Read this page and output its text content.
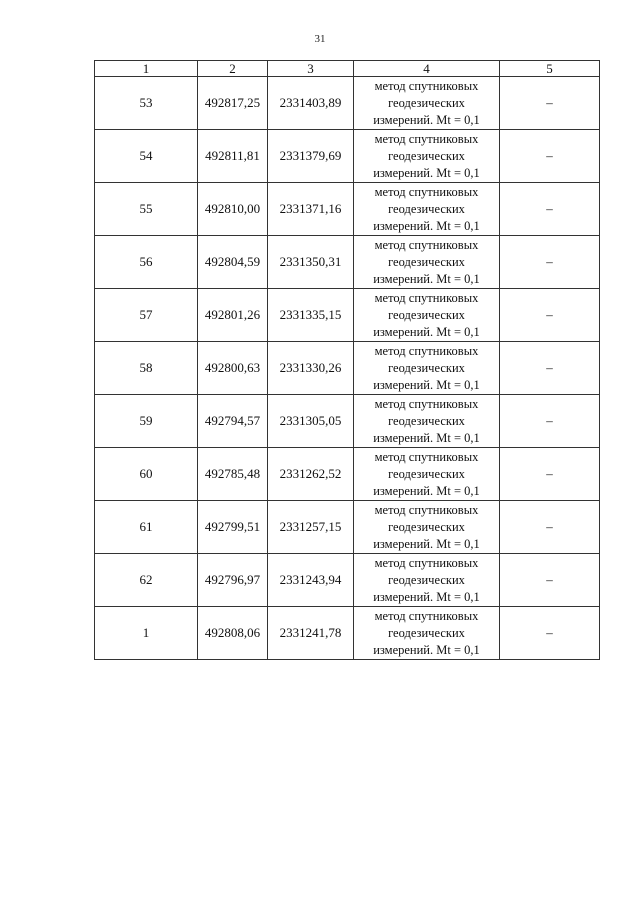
31
1	2	3	4	5
53	492817,25	2331403,89	метод спутниковых
геодезических
измерений. Mt = 0,1	–
54	492811,81	2331379,69	метод спутниковых
геодезических
измерений. Mt = 0,1	–
55	492810,00	2331371,16	метод спутниковых
геодезических
измерений. Mt = 0,1	–
56	492804,59	2331350,31	метод спутниковых
геодезических
измерений. Mt = 0,1	–
57	492801,26	2331335,15	метод спутниковых
геодезических
измерений. Mt = 0,1	–
58	492800,63	2331330,26	метод спутниковых
геодезических
измерений. Mt = 0,1	–
59	492794,57	2331305,05	метод спутниковых
геодезических
измерений. Mt = 0,1	–
60	492785,48	2331262,52	метод спутниковых
геодезических
измерений. Mt = 0,1	–
61	492799,51	2331257,15	метод спутниковых
геодезических
измерений. Mt = 0,1	–
62	492796,97	2331243,94	метод спутниковых
геодезических
измерений. Mt = 0,1	–
1	492808,06	2331241,78	метод спутниковых
геодезических
измерений. Mt = 0,1	–
